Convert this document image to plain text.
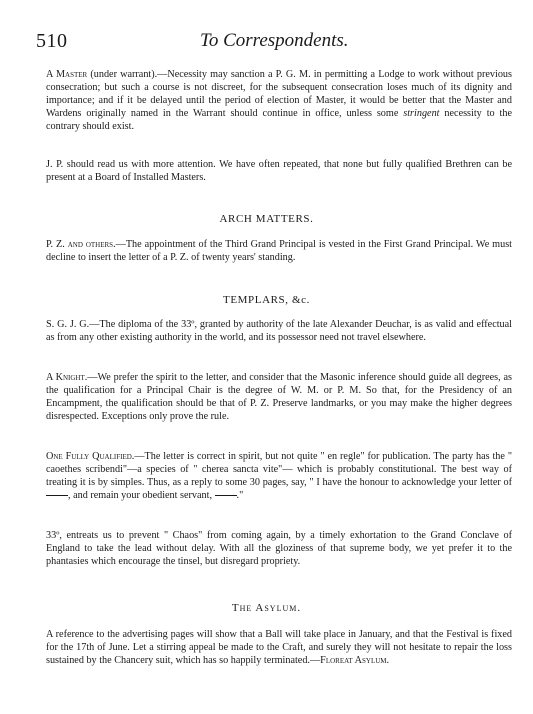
510	To Correspondents.

A Master (under warrant).—Necessity may sanction a P. G. M. in permitting a Lodge to work without previous consecration; but such a course is not discreet, for the subsequent consecration loses much of its dignity and importance; and if it be delayed until the period of election of Master, it would be better that the Master and Wardens originally named in the Warrant should continue in office, unless some stringent necessity to the contrary should exist.

J. P. should read us with more attention. We have often repeated, that none but fully qualified Brethren can be present at a Board of Installed Masters.

ARCH MATTERS.

P. Z. and others.—The appointment of the Third Grand Principal is vested in the First Grand Principal. We must decline to insert the letter of a P. Z. of twenty years' standing.

TEMPLARS, &c.

S. G. J. G.—The diploma of the 33º, granted by authority of the late Alexander Deuchar, is as valid and effectual as from any other existing authority in the world, and its possessor need not travel elsewhere.

A Knight.—We prefer the spirit to the letter, and consider that the Masonic inference should guide all degrees, as the qualification for a Principal Chair is the degree of W. M. or P. M. So that, for the Presidency of an Encampment, the qualification should be that of P. Z. Preserve landmarks, or you may make the higher degrees disrespected. Exceptions only prove the rule.

One Fully Qualified.—The letter is correct in spirit, but not quite " en regle" for publication. The party has the " caoethes scribendi"—a species of " cherea sancta vite"— which is probably constitutional. The best way of treating it is by simples. Thus, as a reply to some 30 pages, say, " I have the honour to acknowledge your letter of , and remain your obedient servant, ."

33º, entreats us to prevent " Chaos" from coming again, by a timely exhortation to the Grand Conclave of England to take the lead without delay. With all the gloziness of that supreme body, we yet prefer it to the phantasies which encourage the tinsel, but disregard propriety.

The Asylum.

A reference to the advertising pages will show that a Ball will take place in January, and that the Festival is fixed for the 17th of June. Let a stirring appeal be made to the Craft, and surely they will not hesitate to repair the loss sustained by the Chancery suit, which has so happily terminated.—Floreat Asylum.
